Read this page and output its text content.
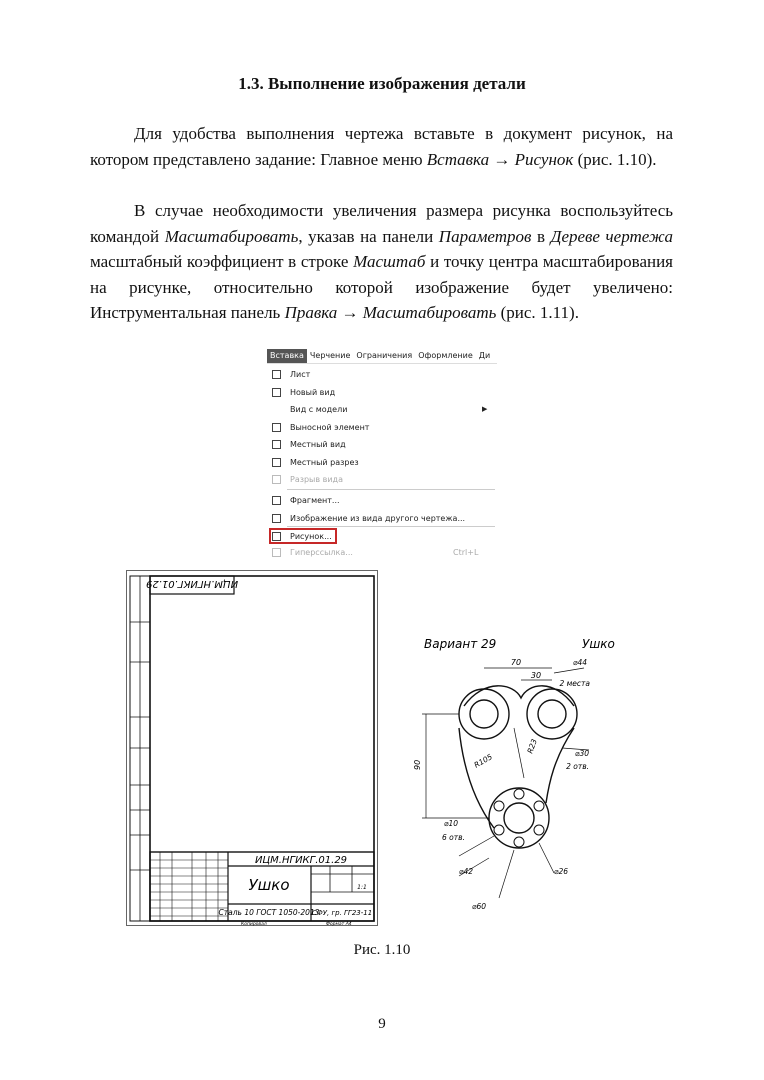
1.3. Выполнение изображения детали

Для удобства выполнения чертежа вставьте в документ рисунок, на котором представлено задание: Главное меню Вставка → Рисунок (рис. 1.10).

В случае необходимости увеличения размера рисунка воспользуйтесь командой Масштабировать, указав на панели Параметров в Дереве чертежа масштабный коэффициент в строке Масштаб и точку центра масштабирования на рисунке, относительно которой изображение будет увеличено: Инструментальная панель Правка → Масштабировать (рис. 1.11).

Вставка Черчение Ограничения Оформление Ди
Лист
Новый вид
Вид с модели	▶
Выносной элемент
Местный вид
Местный разрез
Разрыв вида
Фрагмент...
Изображение из вида другого чертежа...
Рисунок...
Гиперссылка...	Ctrl+L
ИЦМ.НГИКГ.01.29
ИЦМ.НГИКГ.01.29
Ушко	1:1
Сталь 10 ГОСТ 1050-2013
СФУ, гр. ГГ23-11
Копировал	Формат А4
Вариант 29	Ушко
70
30
⌀44
2 места
R23	⌀30
2 отв.
90	R105
⌀10
6 отв.
⌀42	⌀26
⌀60
Рис. 1.10
9
